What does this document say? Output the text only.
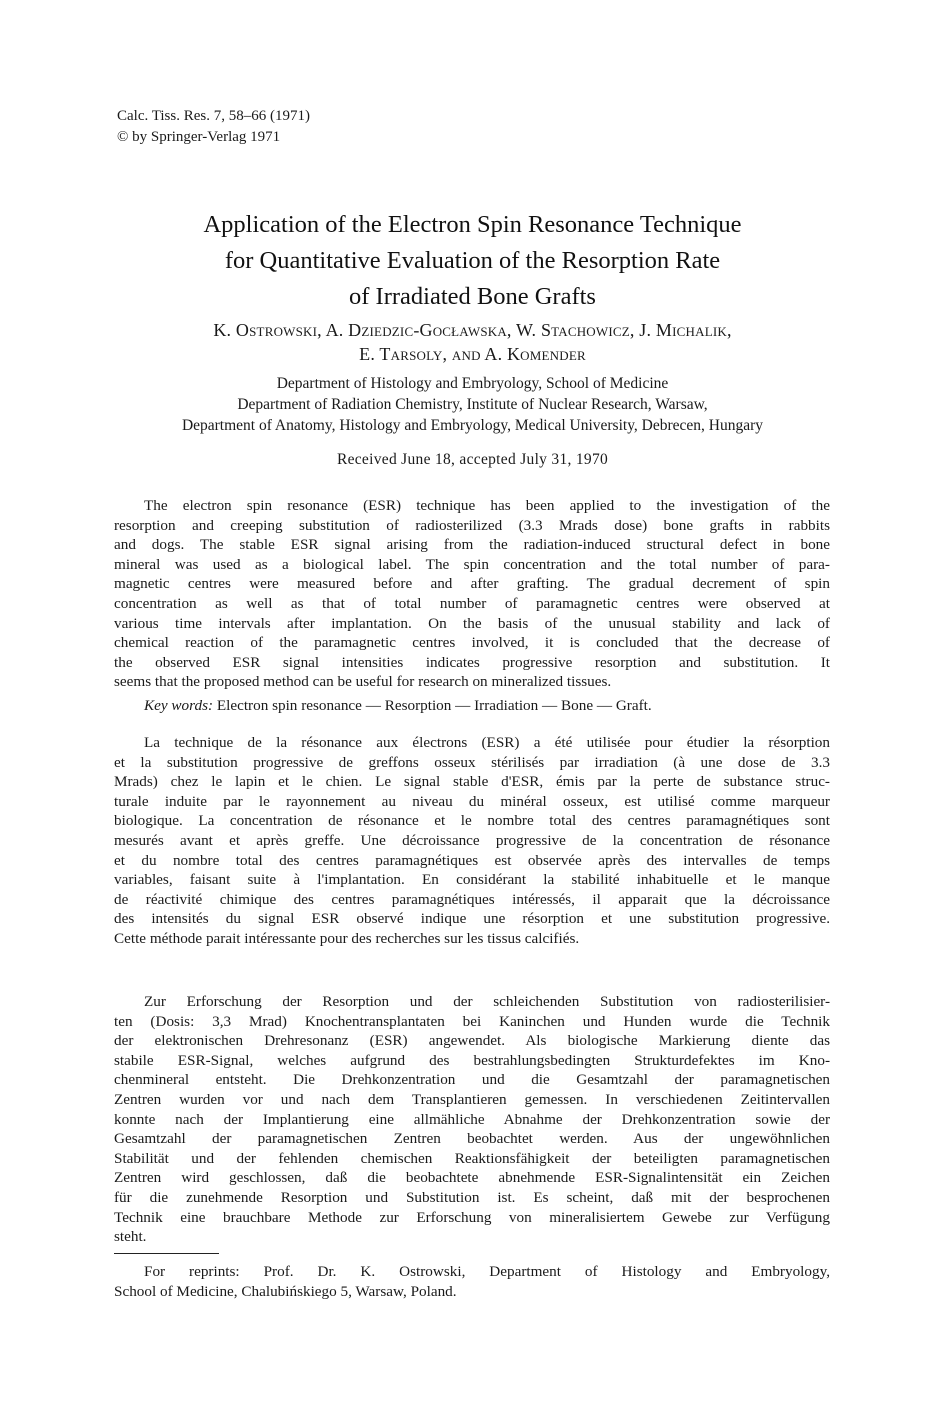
Calc. Tiss. Res. 7, 58–66 (1971)
© by Springer-Verlag 1971
Application of the Electron Spin Resonance Technique
for Quantitative Evaluation of the Resorption Rate
of Irradiated Bone Grafts
K. Ostrowski, A. Dziedzic-Gocławska, W. Stachowicz, J. Michalik,
E. Tarsoly, and A. Komender
Department of Histology and Embryology, School of Medicine
Department of Radiation Chemistry, Institute of Nuclear Research, Warsaw,
Department of Anatomy, Histology and Embryology, Medical University, Debrecen, Hungary
Received June 18, accepted July 31, 1970
The electron spin resonance (ESR) technique has been applied to the investigation of the
resorption and creeping substitution of radiosterilized (3.3 Mrads dose) bone grafts in rabbits
and dogs. The stable ESR signal arising from the radiation-induced structural defect in bone
mineral was used as a biological label. The spin concentration and the total number of para-
magnetic centres were measured before and after grafting. The gradual decrement of spin
concentration as well as that of total number of paramagnetic centres were observed at
various time intervals after implantation. On the basis of the unusual stability and lack of
chemical reaction of the paramagnetic centres involved, it is concluded that the decrease of
the observed ESR signal intensities indicates progressive resorption and substitution. It
seems that the proposed method can be useful for research on mineralized tissues.
Key words: Electron spin resonance — Resorption — Irradiation — Bone — Graft.
La technique de la résonance aux électrons (ESR) a été utilisée pour étudier la résorption
et la substitution progressive de greffons osseux stérilisés par irradiation (à une dose de 3.3
Mrads) chez le lapin et le chien. Le signal stable d'ESR, émis par la perte de substance struc-
turale induite par le rayonnement au niveau du minéral osseux, est utilisé comme marqueur
biologique. La concentration de résonance et le nombre total des centres paramagnétiques sont
mesurés avant et après greffe. Une décroissance progressive de la concentration de résonance
et du nombre total des centres paramagnétiques est observée après des intervalles de temps
variables, faisant suite à l'implantation. En considérant la stabilité inhabituelle et le manque
de réactivité chimique des centres paramagnétiques intéressés, il apparait que la décroissance
des intensités du signal ESR observé indique une résorption et une substitution progressive.
Cette méthode parait intéressante pour des recherches sur les tissus calcifiés.
Zur Erforschung der Resorption und der schleichenden Substitution von radiosterilisier-
ten (Dosis: 3,3 Mrad) Knochentransplantaten bei Kaninchen und Hunden wurde die Technik
der elektronischen Drehresonanz (ESR) angewendet. Als biologische Markierung diente das
stabile ESR-Signal, welches aufgrund des bestrahlungsbedingten Strukturdefektes im Kno-
chenmineral entsteht. Die Drehkonzentration und die Gesamtzahl der paramagnetischen
Zentren wurden vor und nach dem Transplantieren gemessen. In verschiedenen Zeitintervallen
konnte nach der Implantierung eine allmähliche Abnahme der Drehkonzentration sowie der
Gesamtzahl der paramagnetischen Zentren beobachtet werden. Aus der ungewöhnlichen
Stabilität und der fehlenden chemischen Reaktionsfähigkeit der beteiligten paramagnetischen
Zentren wird geschlossen, daß die beobachtete abnehmende ESR-Signalintensität ein Zeichen
für die zunehmende Resorption und Substitution ist. Es scheint, daß mit der besprochenen
Technik eine brauchbare Methode zur Erforschung von mineralisiertem Gewebe zur Verfügung
steht.
For reprints: Prof. Dr. K. Ostrowski, Department of Histology and Embryology,
School of Medicine, Chalubińskiego 5, Warsaw, Poland.
